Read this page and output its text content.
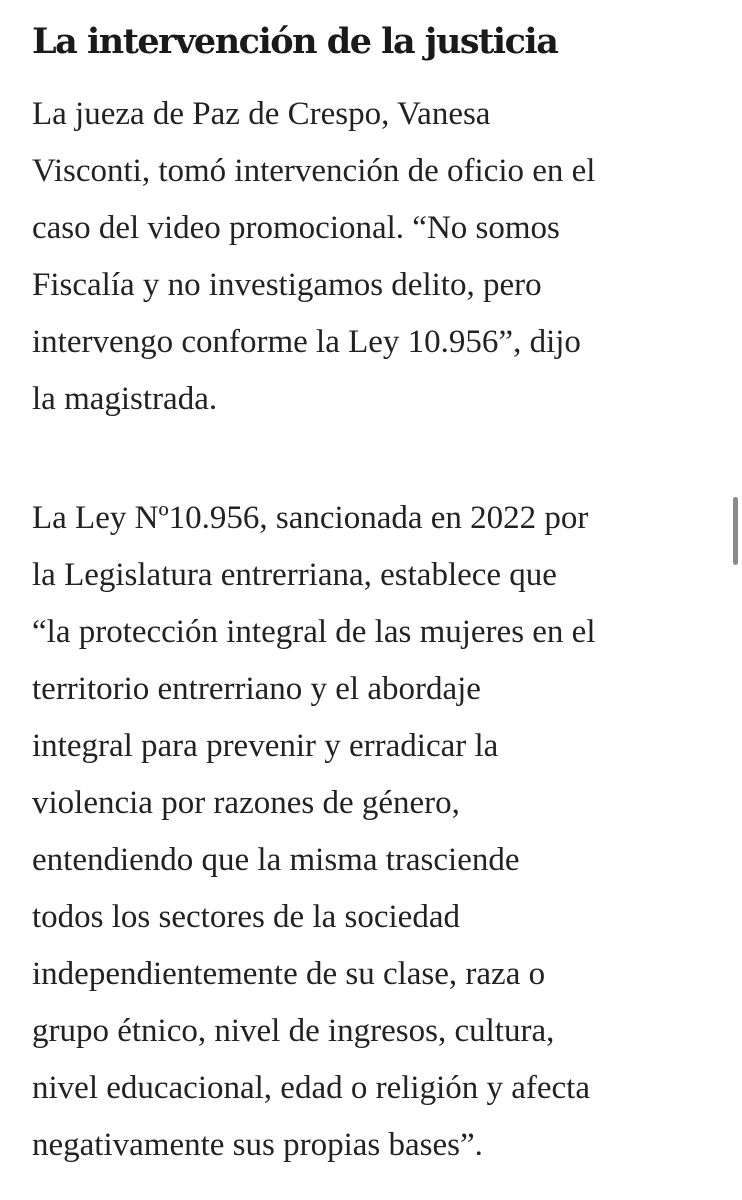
La intervención de la justicia

La jueza de Paz de Crespo, Vanesa
Visconti, tomó intervención de oficio en el
caso del video promocional. “No somos
Fiscalía y no investigamos delito, pero
intervengo conforme la Ley 10.956”, dijo
la magistrada.

La Ley Nº10.956, sancionada en 2022 por
la Legislatura entrerriana, establece que
“la protección integral de las mujeres en el
territorio entrerriano y el abordaje
integral para prevenir y erradicar la
violencia por razones de género,
entendiendo que la misma trasciende
todos los sectores de la sociedad
independientemente de su clase, raza o
grupo étnico, nivel de ingresos, cultura,
nivel educacional, edad o religión y afecta
negativamente sus propias bases”.
